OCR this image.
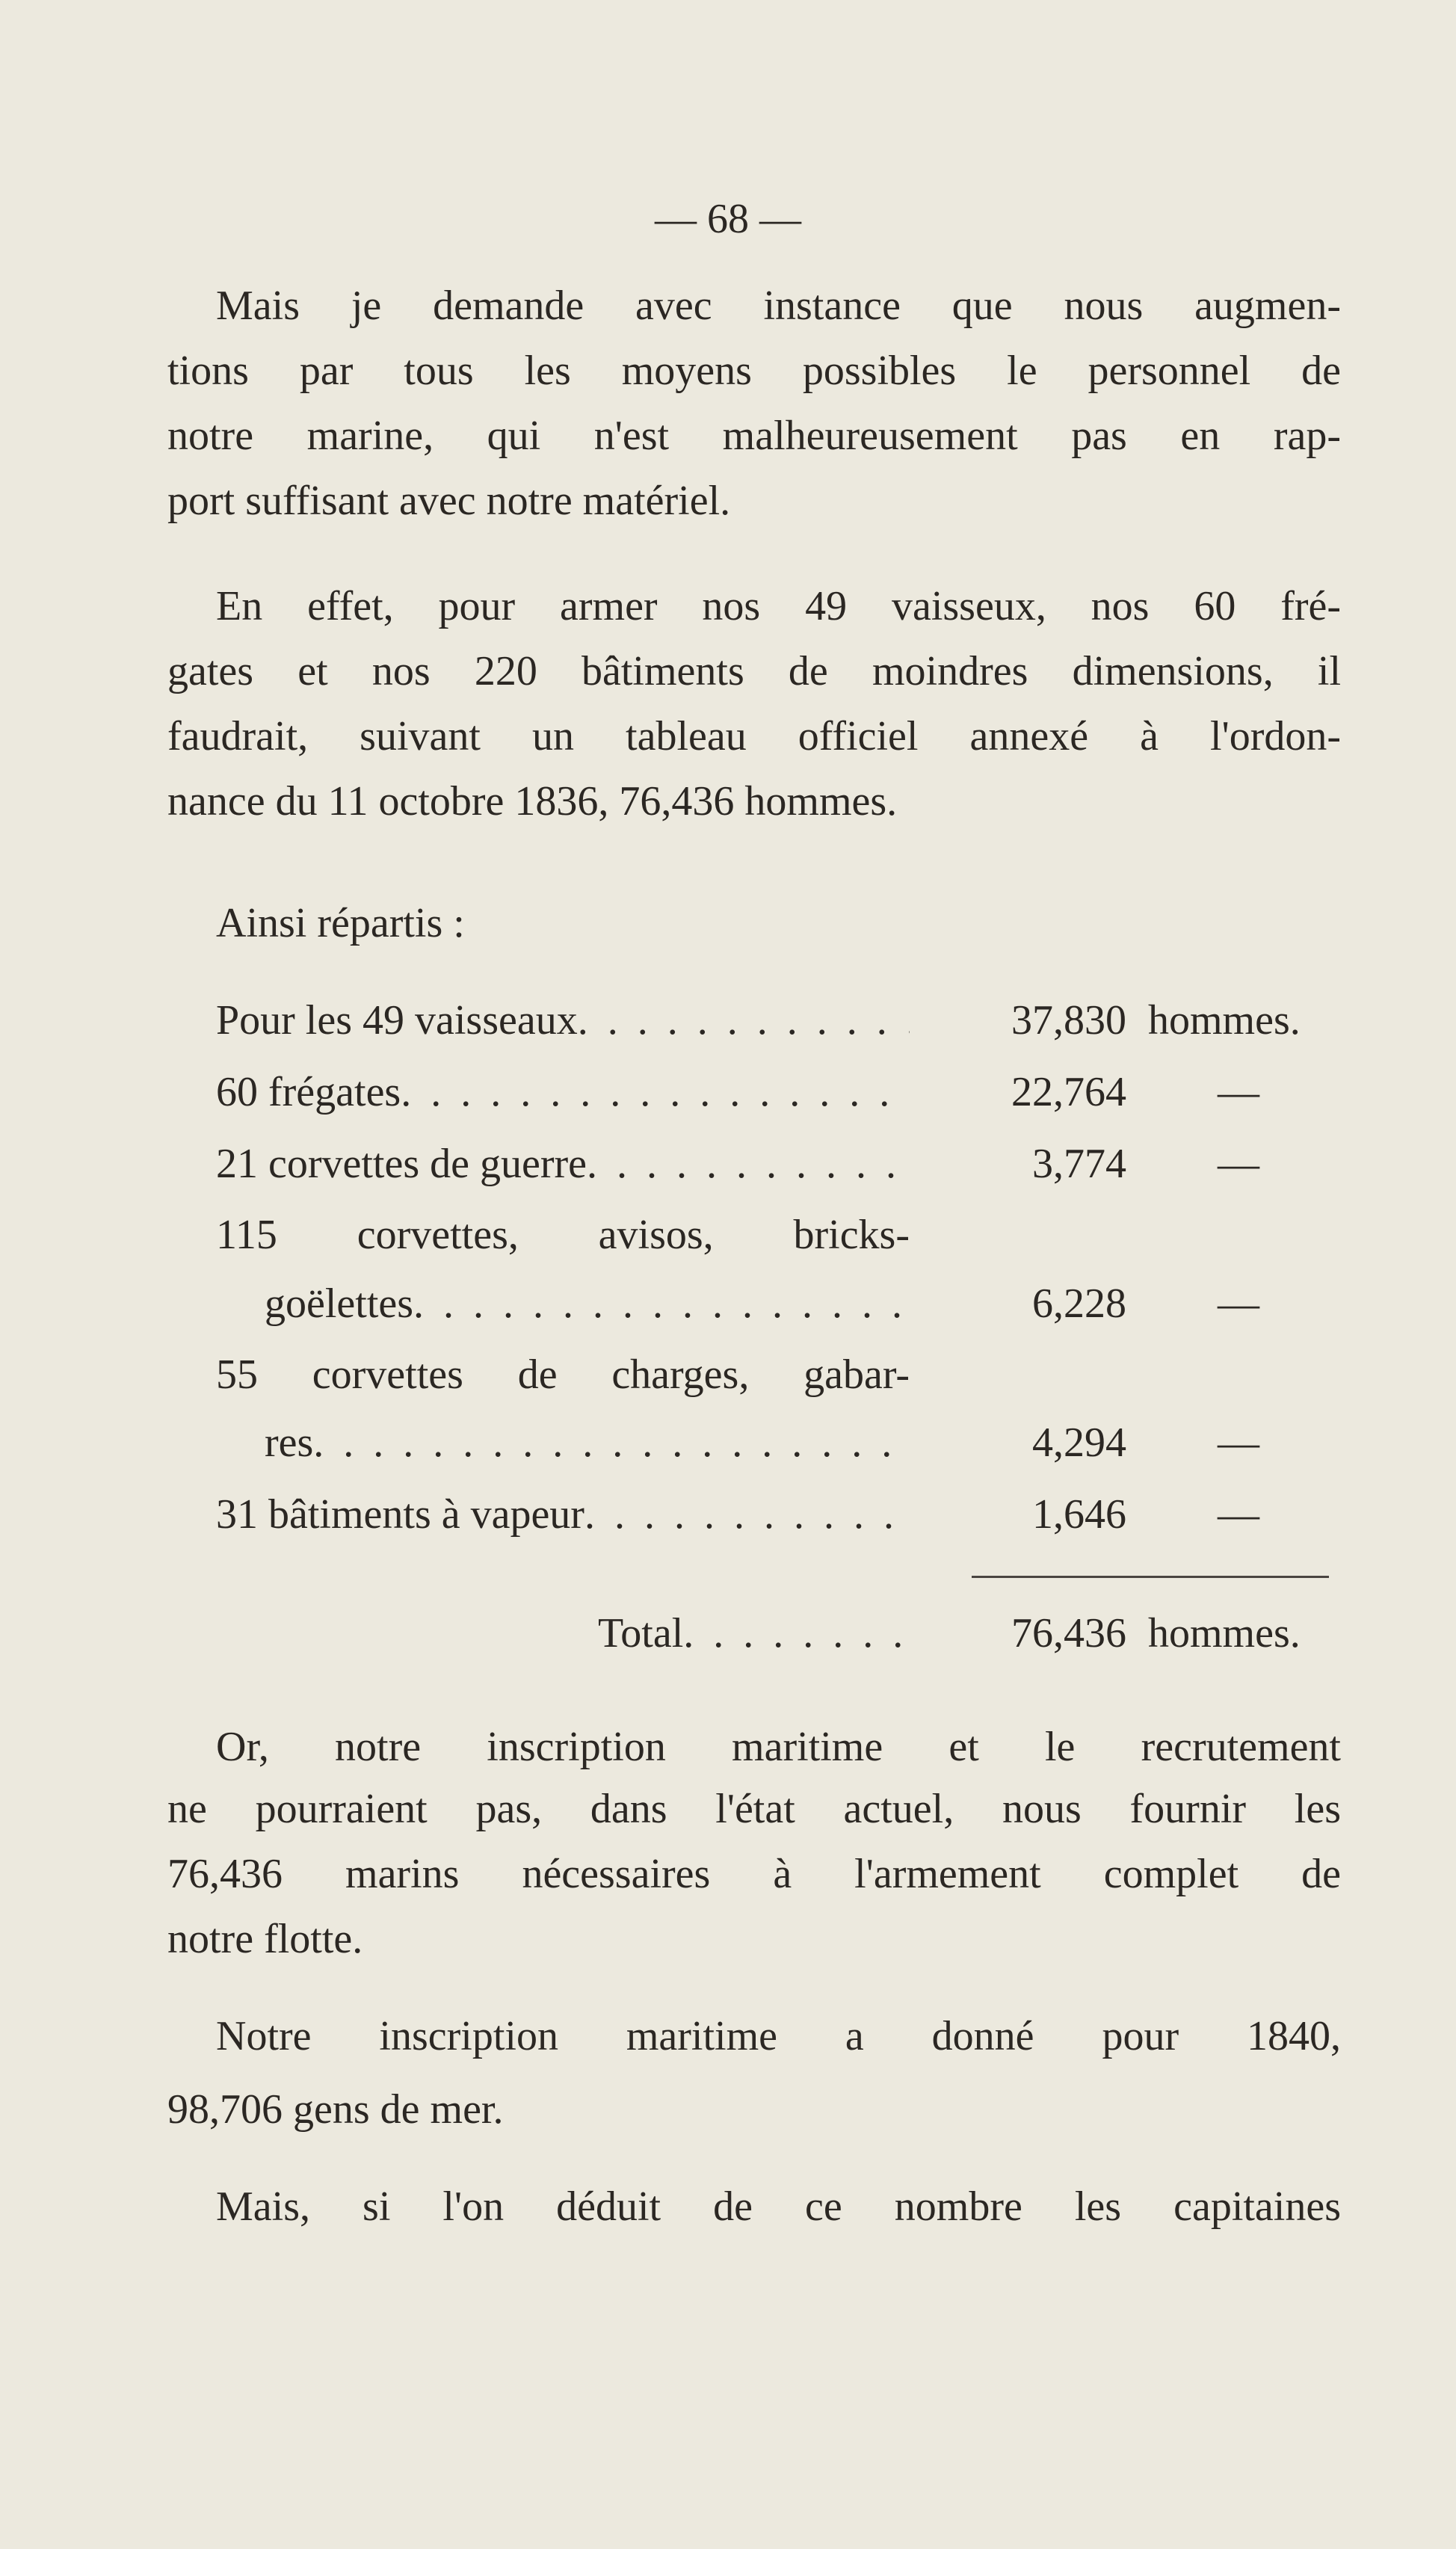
— 68 —
Mais je demande avec instance que nous augmen-
tions par tous les moyens possibles le personnel de
notre marine, qui n'est malheureusement pas en rap-
port suffisant avec notre matériel.
En effet, pour armer nos 49 vaisseux, nos 60 fré-
gates et nos 220 bâtiments de moindres dimensions, il
faudrait, suivant un tableau officiel annexé à l'ordon-
nance du 11 octobre 1836, 76,436 hommes.
Ainsi répartis :
Pour les 49 vaisseaux . . .	37,830 hommes.
60 frégates . . .	22,764 —
21 corvettes de guerre . . .	3,774 —
115 corvettes, avisos, bricks-
goëlettes . . .	6,228 —
55 corvettes de charges, gabar-
res . . .	4,294 —
31 bâtiments à vapeur . . .	1,646 —
Total . . .	76,436 hommes.
Or, notre inscription maritime et le recrutement
ne pourraient pas, dans l'état actuel, nous fournir les
76,436 marins nécessaires à l'armement complet de
notre flotte.
Notre inscription maritime a donné pour 1840,
98,706 gens de mer.
Mais, si l'on déduit de ce nombre les capitaines
